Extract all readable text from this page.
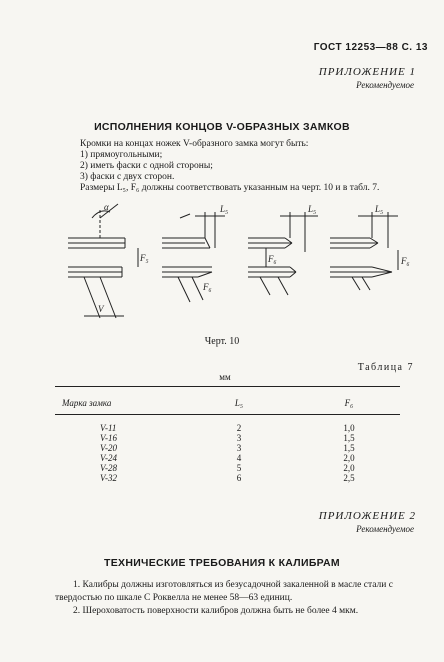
ГОСТ 12253—88 С. 13
ПРИЛОЖЕНИЕ 1
Рекомендуемое
ИСПОЛНЕНИЯ КОНЦОВ V-ОБРАЗНЫХ ЗАМКОВ
Кромки на концах ножек V-образного замка могут быть:
1) прямоугольными;
2) иметь фаски с одной стороны;
3) фаски с двух сторон.
Размеры L₅, F₆ должны соответствовать указанным на черт. 10 и в табл. 7.
α
F₅
V
L₅
F₆
L₅
F₆
L₅
F₆
Черт. 10
Таблица 7
мм
Марка замка	L₅	F₆
V-11	2	1,0
V-16	3	1,5
V-20	3	1,5
V-24	4	2,0
V-28	5	2,0
V-32	6	2,5
ПРИЛОЖЕНИЕ 2
Рекомендуемое
ТЕХНИЧЕСКИЕ ТРЕБОВАНИЯ К КАЛИБРАМ
1. Калибры должны изготовляться из безусадочной закаленной в масле стали с твердостью по шкале С Роквелла не менее 58—63 единиц.
2. Шероховатость поверхности калибров должна быть не более 4 мкм.
